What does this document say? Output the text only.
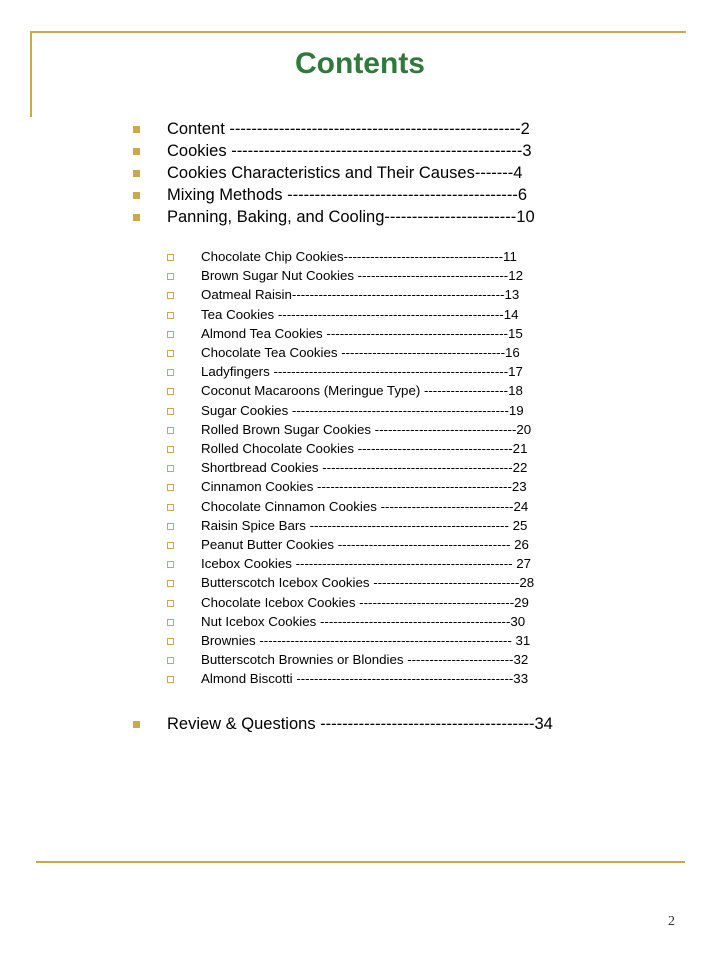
Contents
Content -----------------------------------------------------2
Cookies -----------------------------------------------------3
Cookies Characteristics and Their Causes-------4
Mixing Methods ------------------------------------------6
Panning, Baking, and Cooling------------------------10
Chocolate Chip Cookies------------------------------------11
Brown Sugar Nut Cookies ----------------------------------12
Oatmeal Raisin------------------------------------------------13
Tea Cookies ---------------------------------------------------14
Almond Tea Cookies -----------------------------------------15
Chocolate Tea Cookies -------------------------------------16
Ladyfingers -----------------------------------------------------17
Coconut Macaroons (Meringue Type) -------------------18
Sugar Cookies -------------------------------------------------19
Rolled Brown Sugar Cookies --------------------------------20
Rolled Chocolate Cookies -----------------------------------21
Shortbread Cookies -------------------------------------------22
Cinnamon Cookies --------------------------------------------23
Chocolate Cinnamon Cookies ------------------------------24
Raisin Spice Bars --------------------------------------------- 25
Peanut Butter Cookies --------------------------------------- 26
Icebox Cookies ------------------------------------------------- 27
Butterscotch Icebox Cookies ---------------------------------28
Chocolate Icebox Cookies -----------------------------------29
Nut Icebox Cookies -------------------------------------------30
Brownies --------------------------------------------------------- 31
Butterscotch Brownies or Blondies ------------------------32
Almond Biscotti -------------------------------------------------33
Review & Questions ---------------------------------------34
2
